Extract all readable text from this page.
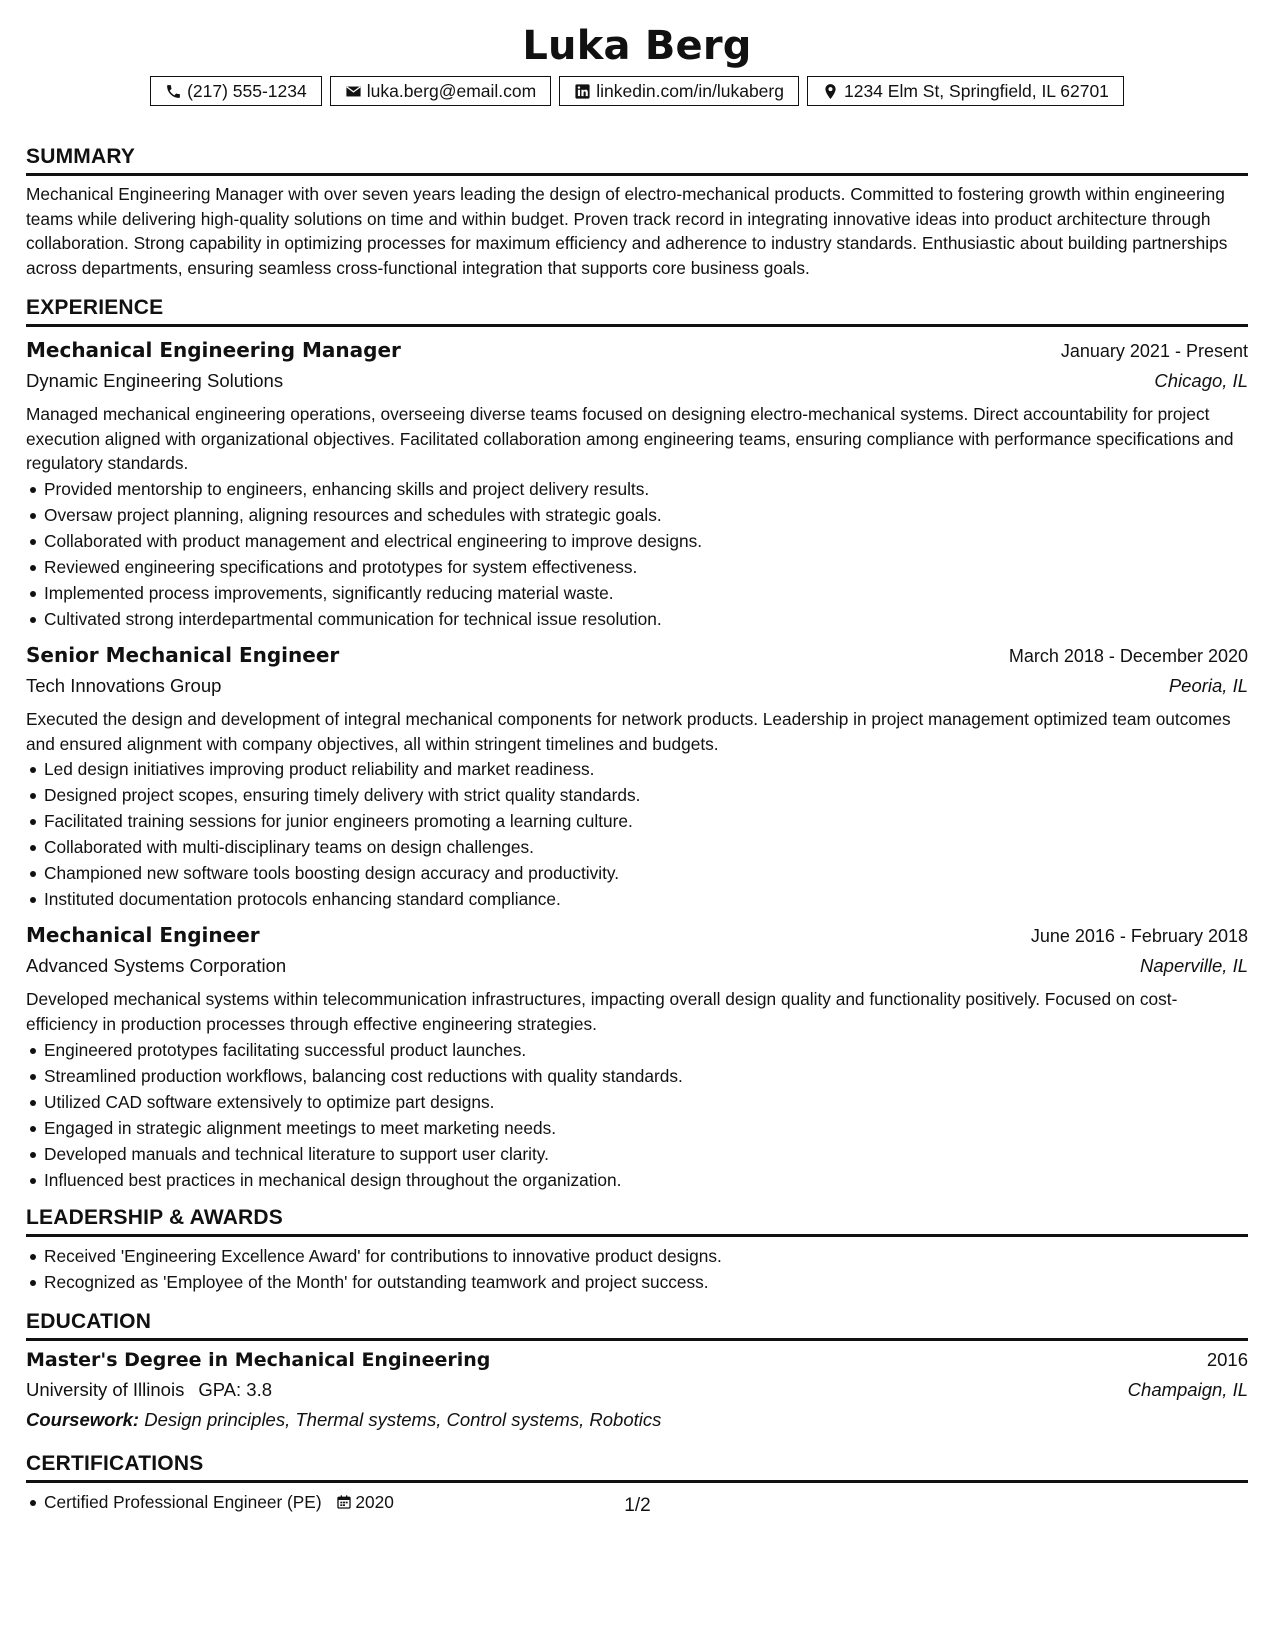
Luka Berg
(217) 555-1234	luka.berg@email.com	linkedin.com/in/lukaberg	1234 Elm St, Springfield, IL 62701
SUMMARY
Mechanical Engineering Manager with over seven years leading the design of electro-mechanical products. Committed to fostering growth within engineering teams while delivering high-quality solutions on time and within budget. Proven track record in integrating innovative ideas into product architecture through collaboration. Strong capability in optimizing processes for maximum efficiency and adherence to industry standards. Enthusiastic about building partnerships across departments, ensuring seamless cross-functional integration that supports core business goals.
EXPERIENCE
Mechanical Engineering Manager	January 2021 - Present
Dynamic Engineering Solutions	Chicago, IL
Managed mechanical engineering operations, overseeing diverse teams focused on designing electro-mechanical systems. Direct accountability for project execution aligned with organizational objectives. Facilitated collaboration among engineering teams, ensuring compliance with performance specifications and regulatory standards.
Provided mentorship to engineers, enhancing skills and project delivery results.
Oversaw project planning, aligning resources and schedules with strategic goals.
Collaborated with product management and electrical engineering to improve designs.
Reviewed engineering specifications and prototypes for system effectiveness.
Implemented process improvements, significantly reducing material waste.
Cultivated strong interdepartmental communication for technical issue resolution.
Senior Mechanical Engineer	March 2018 - December 2020
Tech Innovations Group	Peoria, IL
Executed the design and development of integral mechanical components for network products. Leadership in project management optimized team outcomes and ensured alignment with company objectives, all within stringent timelines and budgets.
Led design initiatives improving product reliability and market readiness.
Designed project scopes, ensuring timely delivery with strict quality standards.
Facilitated training sessions for junior engineers promoting a learning culture.
Collaborated with multi-disciplinary teams on design challenges.
Championed new software tools boosting design accuracy and productivity.
Instituted documentation protocols enhancing standard compliance.
Mechanical Engineer	June 2016 - February 2018
Advanced Systems Corporation	Naperville, IL
Developed mechanical systems within telecommunication infrastructures, impacting overall design quality and functionality positively. Focused on cost-efficiency in production processes through effective engineering strategies.
Engineered prototypes facilitating successful product launches.
Streamlined production workflows, balancing cost reductions with quality standards.
Utilized CAD software extensively to optimize part designs.
Engaged in strategic alignment meetings to meet marketing needs.
Developed manuals and technical literature to support user clarity.
Influenced best practices in mechanical design throughout the organization.
LEADERSHIP & AWARDS
Received 'Engineering Excellence Award' for contributions to innovative product designs.
Recognized as 'Employee of the Month' for outstanding teamwork and project success.
EDUCATION
Master's Degree in Mechanical Engineering	2016
University of Illinois GPA: 3.8	Champaign, IL
Coursework: Design principles, Thermal systems, Control systems, Robotics
CERTIFICATIONS
Certified Professional Engineer (PE) 2020	1/2
